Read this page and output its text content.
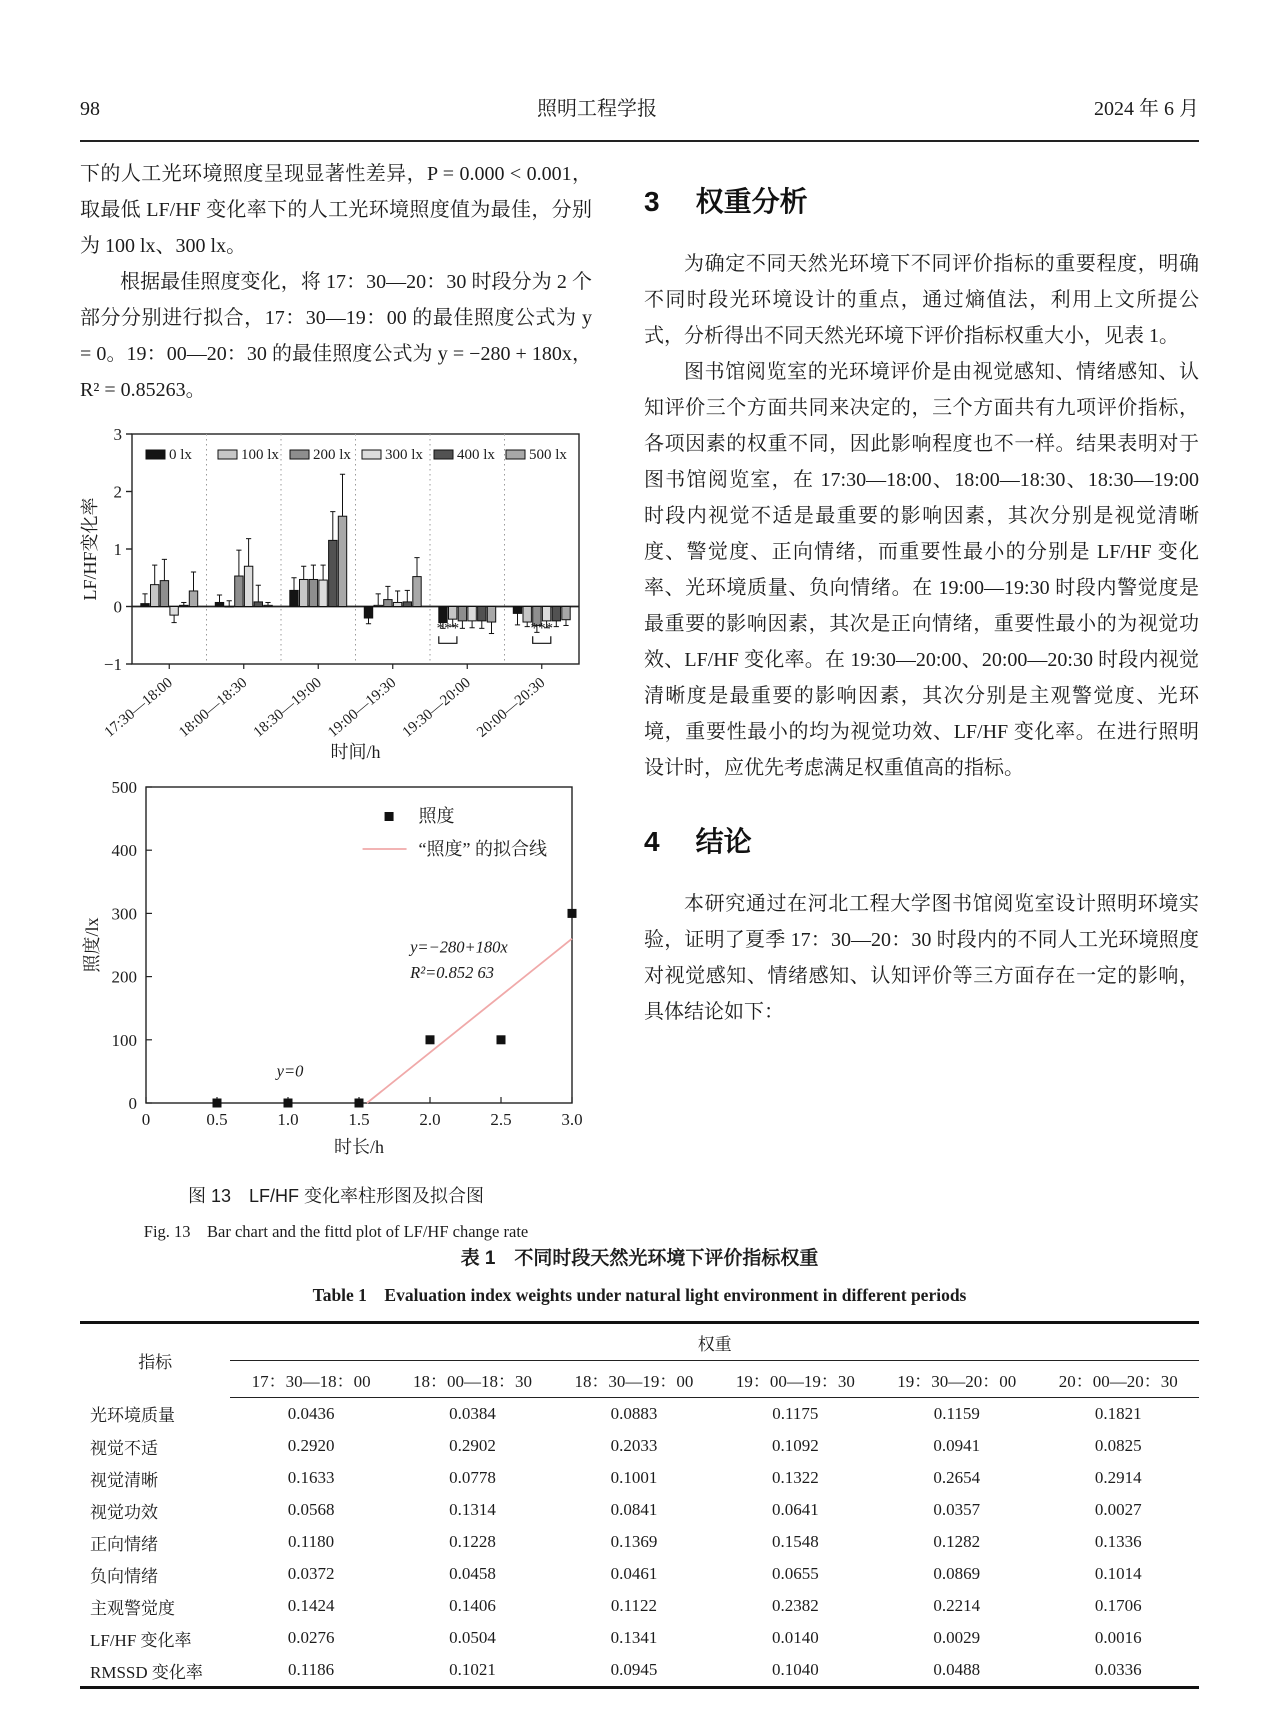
98	照明工程学报	2024 年 6 月

下的人工光环境照度呈现显著性差异，P = 0.000 < 0.001，取最低 LF/HF 变化率下的人工光环境照度值为最佳，分别为 100 lx、300 lx。

根据最佳照度变化，将 17：30—20：30 时段分为 2 个部分分别进行拟合，17：30—19：00 的最佳照度公式为 y = 0。19：00—20：30 的最佳照度公式为 y = −280 + 180x，R² = 0.85263。

3
2
1
0
−1
LF/HF变化率
0 lx	100 lx 200 lx 300 lx 400 lx 500 lx
17:30—18:00 18:00—18:30 18:30—19:00 19:00—19:30 19:30—20:00 20:00—20:30
***	***
时间/h

0
100
200
300
400
500
0	0.5	1.0	1.5	2.0	2.5	3.0
照度/lx
时长/h
y=−280+180x
R²=0.852 63
y=0
照度
“照度” 的拟合线
图 13　LF/HF 变化率柱形图及拟合图
Fig. 13　Bar chart and the fittd plot of LF/HF change rate
3 权重分析

为确定不同天然光环境下不同评价指标的重要程度，明确不同时段光环境设计的重点，通过熵值法，利用上文所提公式，分析得出不同天然光环境下评价指标权重大小，见表 1。

图书馆阅览室的光环境评价是由视觉感知、情绪感知、认知评价三个方面共同来决定的，三个方面共有九项评价指标，各项因素的权重不同，因此影响程度也不一样。结果表明对于图书馆阅览室，在 17:30—18:00、18:00—18:30、18:30—19:00 时段内视觉不适是最重要的影响因素，其次分别是视觉清晰度、警觉度、正向情绪，而重要性最小的分别是 LF/HF 变化率、光环境质量、负向情绪。在 19:00—19:30 时段内警觉度是最重要的影响因素，其次是正向情绪，重要性最小的为视觉功效、LF/HF 变化率。在 19:30—20:00、20:00—20:30 时段内视觉清晰度是最重要的影响因素，其次分别是主观警觉度、光环境，重要性最小的均为视觉功效、LF/HF 变化率。在进行照明设计时，应优先考虑满足权重值高的指标。

4 结论

本研究通过在河北工程大学图书馆阅览室设计照明环境实验，证明了夏季 17：30—20：30 时段内的不同人工光环境照度对视觉感知、情绪感知、认知评价等三方面存在一定的影响，具体结论如下：

表 1　不同时段天然光环境下评价指标权重
Table 1　Evaluation index weights under natural light environment in different periods
指标	权重					
	17：30—18：00	18：00—18：30	18：30—19：00	19：00—19：30	19：30—20：00	20：00—20：30
光环境质量	0.0436	0.0384	0.0883	0.1175	0.1159	0.1821
视觉不适	0.2920	0.2902	0.2033	0.1092	0.0941	0.0825
视觉清晰	0.1633	0.0778	0.1001	0.1322	0.2654	0.2914
视觉功效	0.0568	0.1314	0.0841	0.0641	0.0357	0.0027
正向情绪	0.1180	0.1228	0.1369	0.1548	0.1282	0.1336
负向情绪	0.0372	0.0458	0.0461	0.0655	0.0869	0.1014
主观警觉度	0.1424	0.1406	0.1122	0.2382	0.2214	0.1706
LF/HF 变化率	0.0276	0.0504	0.1341	0.0140	0.0029	0.0016
RMSSD 变化率	0.1186	0.1021	0.0945	0.1040	0.0488	0.0336
